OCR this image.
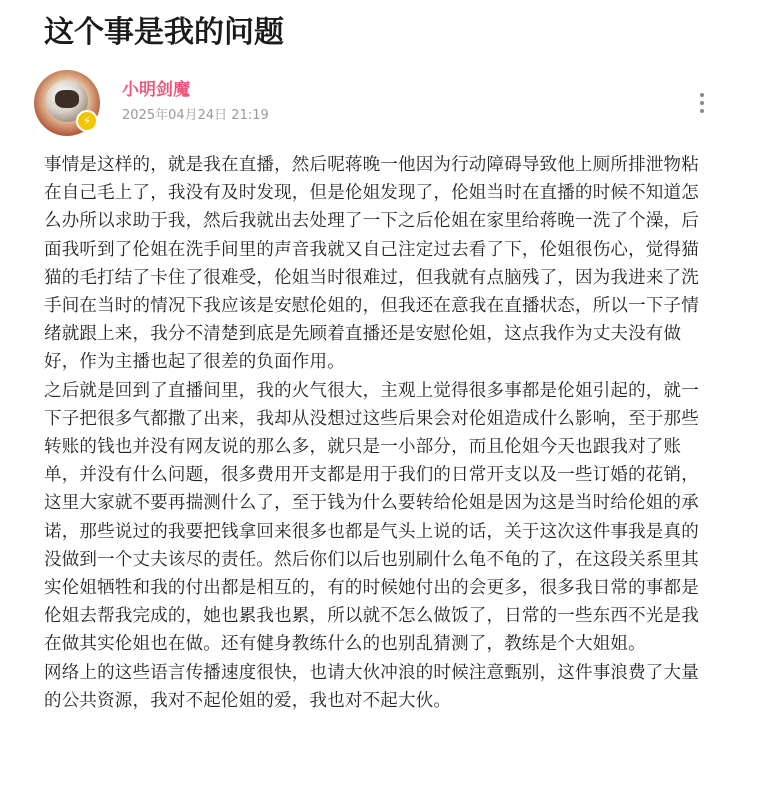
这个事是我的问题
⚡
小明剑魔
2025年04月24日 21:19

事情是这样的，就是我在直播，然后呢蒋晚一他因为行动障碍导致他上厕所排泄物粘在自己毛上了，我没有及时发现，但是伦姐发现了，伦姐当时在直播的时候不知道怎么办所以求助于我，然后我就出去处理了一下之后伦姐在家里给蒋晚一洗了个澡，后面我听到了伦姐在洗手间里的声音我就又自己注定过去看了下，伦姐很伤心，觉得猫猫的毛打结了卡住了很难受，伦姐当时很难过，但我就有点脑残了，因为我进来了洗手间在当时的情况下我应该是安慰伦姐的，但我还在意我在直播状态，所以一下子情绪就跟上来，我分不清楚到底是先顾着直播还是安慰伦姐，这点我作为丈夫没有做好，作为主播也起了很差的负面作用。

之后就是回到了直播间里，我的火气很大，主观上觉得很多事都是伦姐引起的，就一下子把很多气都撒了出来，我却从没想过这些后果会对伦姐造成什么影响，至于那些转账的钱也并没有网友说的那么多，就只是一小部分，而且伦姐今天也跟我对了账单，并没有什么问题，很多费用开支都是用于我们的日常开支以及一些订婚的花销，这里大家就不要再揣测什么了，至于钱为什么要转给伦姐是因为这是当时给伦姐的承诺，那些说过的我要把钱拿回来很多也都是气头上说的话，关于这次这件事我是真的没做到一个丈夫该尽的责任。然后你们以后也别刷什么龟不龟的了，在这段关系里其实伦姐牺牲和我的付出都是相互的，有的时候她付出的会更多，很多我日常的事都是伦姐去帮我完成的，她也累我也累，所以就不怎么做饭了，日常的一些东西不光是我在做其实伦姐也在做。还有健身教练什么的也别乱猜测了，教练是个大姐姐。

网络上的这些语言传播速度很快，也请大伙冲浪的时候注意甄别，这件事浪费了大量的公共资源，我对不起伦姐的爱，我也对不起大伙。
